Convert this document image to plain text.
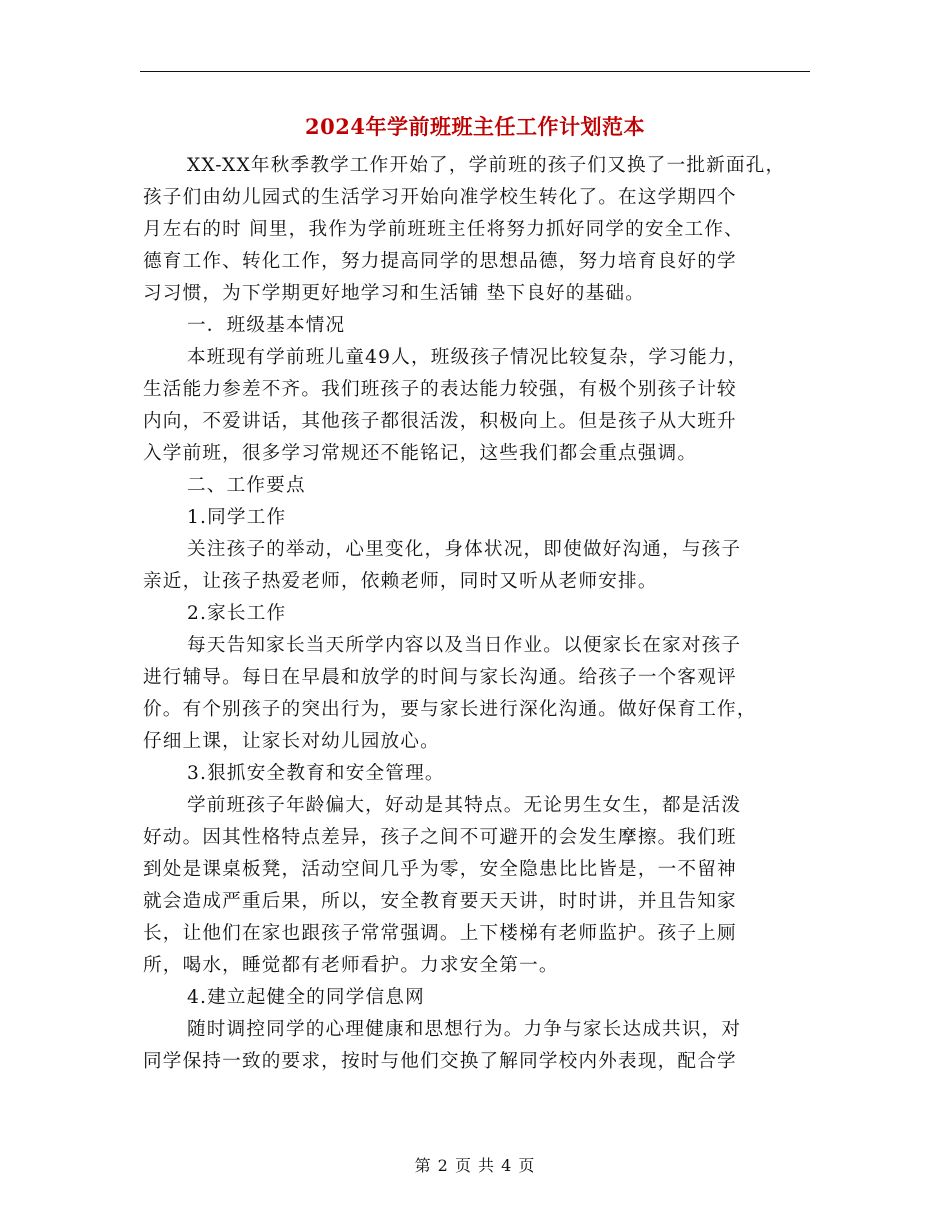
2024年学前班班主任工作计划范本
XX-XX年秋季教学工作开始了，学前班的孩子们又换了一批新面孔，
孩子们由幼儿园式的生活学习开始向准学校生转化了。在这学期四个
月左右的时 间里，我作为学前班班主任将努力抓好同学的安全工作、
德育工作、转化工作，努力提高同学的思想品德，努力培育良好的学
习习惯，为下学期更好地学习和生活铺 垫下良好的基础。
一．班级基本情况
本班现有学前班儿童49人，班级孩子情况比较复杂，学习能力，
生活能力参差不齐。我们班孩子的表达能力较强，有极个别孩子计较
内向，不爱讲话，其他孩子都很活泼，积极向上。但是孩子从大班升
入学前班，很多学习常规还不能铭记，这些我们都会重点强调。
二、工作要点
1.同学工作
关注孩子的举动，心里变化，身体状况，即使做好沟通，与孩子
亲近，让孩子热爱老师，依赖老师，同时又听从老师安排。
2.家长工作
每天告知家长当天所学内容以及当日作业。以便家长在家对孩子
进行辅导。每日在早晨和放学的时间与家长沟通。给孩子一个客观评
价。有个别孩子的突出行为，要与家长进行深化沟通。做好保育工作，
仔细上课，让家长对幼儿园放心。
3.狠抓安全教育和安全管理。
学前班孩子年龄偏大，好动是其特点。无论男生女生，都是活泼
好动。因其性格特点差异，孩子之间不可避开的会发生摩擦。我们班
到处是课桌板凳，活动空间几乎为零，安全隐患比比皆是，一不留神
就会造成严重后果，所以，安全教育要天天讲，时时讲，并且告知家
长，让他们在家也跟孩子常常强调。上下楼梯有老师监护。孩子上厕
所，喝水，睡觉都有老师看护。力求安全第一。
4.建立起健全的同学信息网
随时调控同学的心理健康和思想行为。力争与家长达成共识，对
同学保持一致的要求，按时与他们交换了解同学校内外表现，配合学
第 2 页 共 4 页
